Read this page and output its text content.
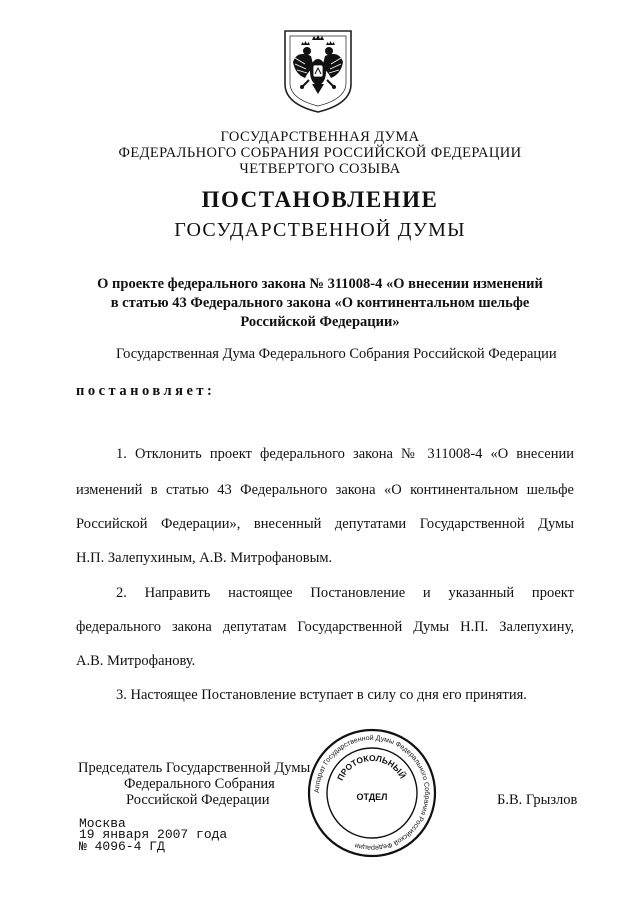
ГОСУДАРСТВЕННАЯ ДУМА
ФЕДЕРАЛЬНОГО СОБРАНИЯ РОССИЙСКОЙ ФЕДЕРАЦИИ
ЧЕТВЕРТОГО СОЗЫВА
ПОСТАНОВЛЕНИЕ
ГОСУДАРСТВЕННОЙ ДУМЫ
О проекте федерального закона № 311008-4 «О внесении изменений
в статью 43 Федерального закона «О континентальном шельфе
Российской Федерации»
Государственная Дума Федерального Собрания Российской Федерации
постановляет:
1. Отклонить проект федерального закона № 311008-4 «О внесении
изменений в статью 43 Федерального закона «О континентальном шельфе
Российской Федерации», внесенный депутатами Государственной Думы
Н.П. Залепухиным, А.В. Митрофановым.
2. Направить настоящее Постановление и указанный проект
федерального закона депутатам Государственной Думы Н.П. Залепухину,
А.В. Митрофанову.
3. Настоящее Постановление вступает в силу со дня его принятия.
Председатель Государственной Думы
Федерального Собрания
Российской Федерации	Б.В. Грызлов
Аппарат Государственной Думы Федерального Собрания Российской Федерации
ПРОТОКОЛЬНЫЙ
ОТДЕЛ
Москва
19 января 2007 года
№ 4096-4 ГД
